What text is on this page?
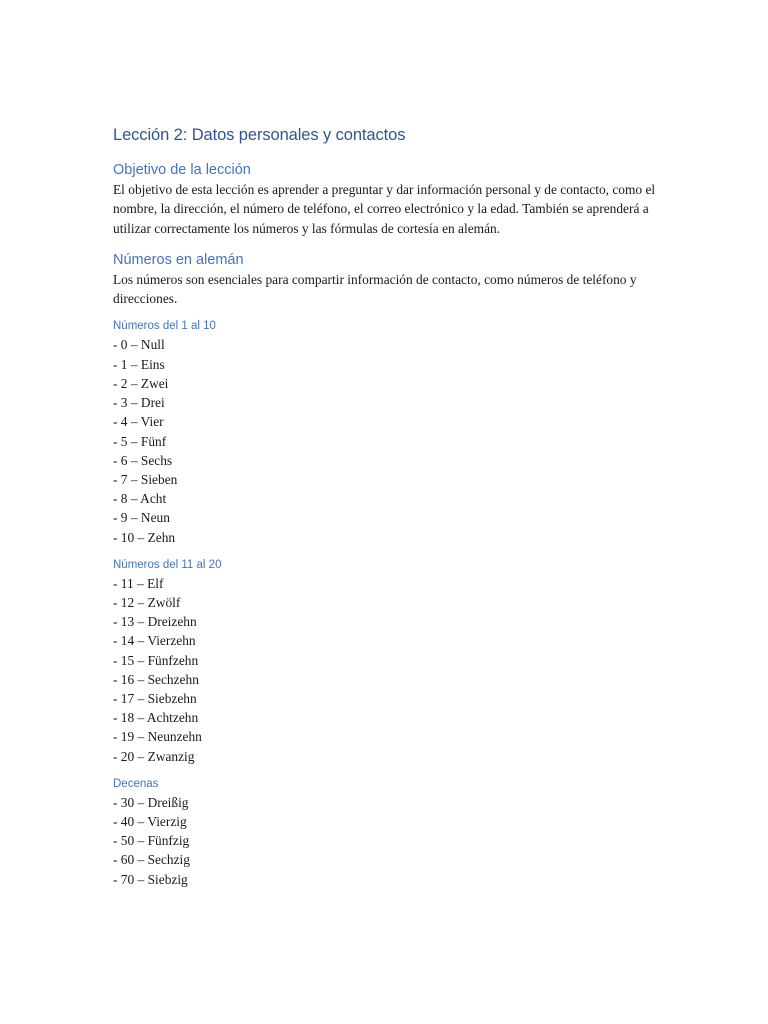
Lección 2: Datos personales y contactos
Objetivo de la lección

El objetivo de esta lección es aprender a preguntar y dar información personal y de contacto, como el nombre, la dirección, el número de teléfono, el correo electrónico y la edad. También se aprenderá a utilizar correctamente los números y las fórmulas de cortesía en alemán.

Números en alemán

Los números son esenciales para compartir información de contacto, como números de teléfono y direcciones.

Números del 1 al 10
- 0 – Null
- 1 – Eins
- 2 – Zwei
- 3 – Drei
- 4 – Vier
- 5 – Fünf
- 6 – Sechs
- 7 – Sieben
- 8 – Acht
- 9 – Neun
- 10 – Zehn
Números del 11 al 20
- 11 – Elf
- 12 – Zwölf
- 13 – Dreizehn
- 14 – Vierzehn
- 15 – Fünfzehn
- 16 – Sechzehn
- 17 – Siebzehn
- 18 – Achtzehn
- 19 – Neunzehn
- 20 – Zwanzig
Decenas
- 30 – Dreißig
- 40 – Vierzig
- 50 – Fünfzig
- 60 – Sechzig
- 70 – Siebzig
